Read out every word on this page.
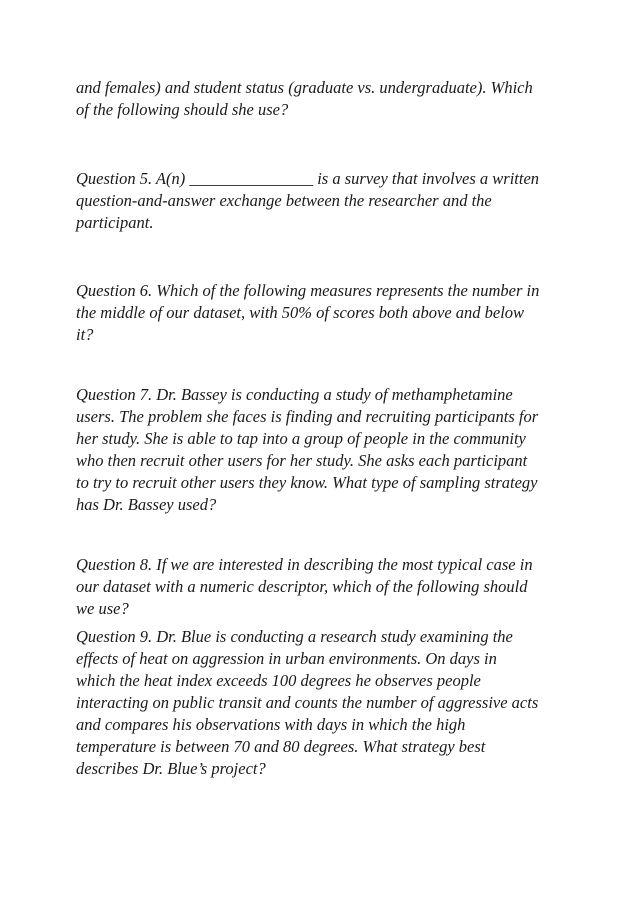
and females) and student status (graduate vs. undergraduate). Which
of the following should she use?
Question 5. A(n) _______________ is a survey that involves a written
question-and-answer exchange between the researcher and the
participant.
Question 6. Which of the following measures represents the number in
the middle of our dataset, with 50% of scores both above and below
it?
Question 7. Dr. Bassey is conducting a study of methamphetamine
users. The problem she faces is finding and recruiting participants for
her study. She is able to tap into a group of people in the community
who then recruit other users for her study. She asks each participant
to try to recruit other users they know. What type of sampling strategy
has Dr. Bassey used?
Question 8. If we are interested in describing the most typical case in
our dataset with a numeric descriptor, which of the following should
we use?
Question 9. Dr. Blue is conducting a research study examining the
effects of heat on aggression in urban environments. On days in
which the heat index exceeds 100 degrees he observes people
interacting on public transit and counts the number of aggressive acts
and compares his observations with days in which the high
temperature is between 70 and 80 degrees. What strategy best
describes Dr. Blue’s project?
